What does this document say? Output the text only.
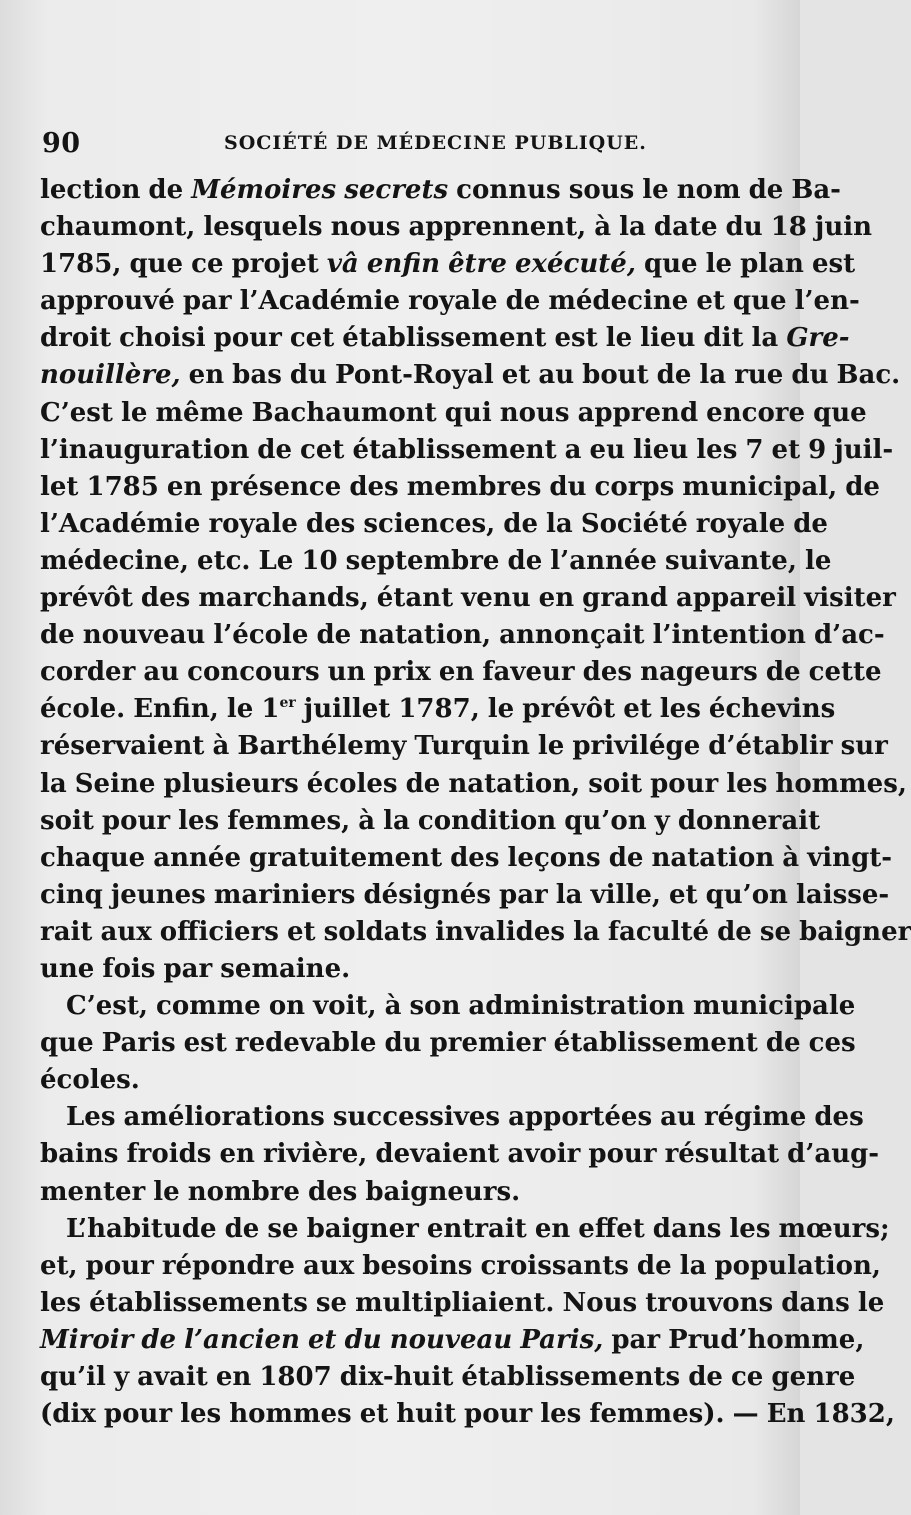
90	SOCIÉTÉ DE MÉDECINE PUBLIQUE.
lection de Mémoires secrets connus sous le nom de Ba-
chaumont, lesquels nous apprennent, à la date du 18 juin
1785, que ce projet vâ enfin être exécuté, que le plan est
approuvé par l’Académie royale de médecine et que l’en-
droit choisi pour cet établissement est le lieu dit la Gre-
nouillère, en bas du Pont-Royal et au bout de la rue du Bac.
C’est le même Bachaumont qui nous apprend encore que
l’inauguration de cet établissement a eu lieu les 7 et 9 juil-
let 1785 en présence des membres du corps municipal, de
l’Académie royale des sciences, de la Société royale de
médecine, etc. Le 10 septembre de l’année suivante, le
prévôt des marchands, étant venu en grand appareil visiter
de nouveau l’école de natation, annonçait l’intention d’ac-
corder au concours un prix en faveur des nageurs de cette
école. Enfin, le 1er juillet 1787, le prévôt et les échevins
réservaient à Barthélemy Turquin le privilége d’établir sur
la Seine plusieurs écoles de natation, soit pour les hommes,
soit pour les femmes, à la condition qu’on y donnerait
chaque année gratuitement des leçons de natation à vingt-
cinq jeunes mariniers désignés par la ville, et qu’on laisse-
rait aux officiers et soldats invalides la faculté de se baigner
une fois par semaine.
C’est, comme on voit, à son administration municipale
que Paris est redevable du premier établissement de ces
écoles.
Les améliorations successives apportées au régime des
bains froids en rivière, devaient avoir pour résultat d’aug-
menter le nombre des baigneurs.
L’habitude de se baigner entrait en effet dans les mœurs;
et, pour répondre aux besoins croissants de la population,
les établissements se multipliaient. Nous trouvons dans le
Miroir de l’ancien et du nouveau Paris, par Prud’homme,
qu’il y avait en 1807 dix-huit établissements de ce genre
(dix pour les hommes et huit pour les femmes). — En 1832,
